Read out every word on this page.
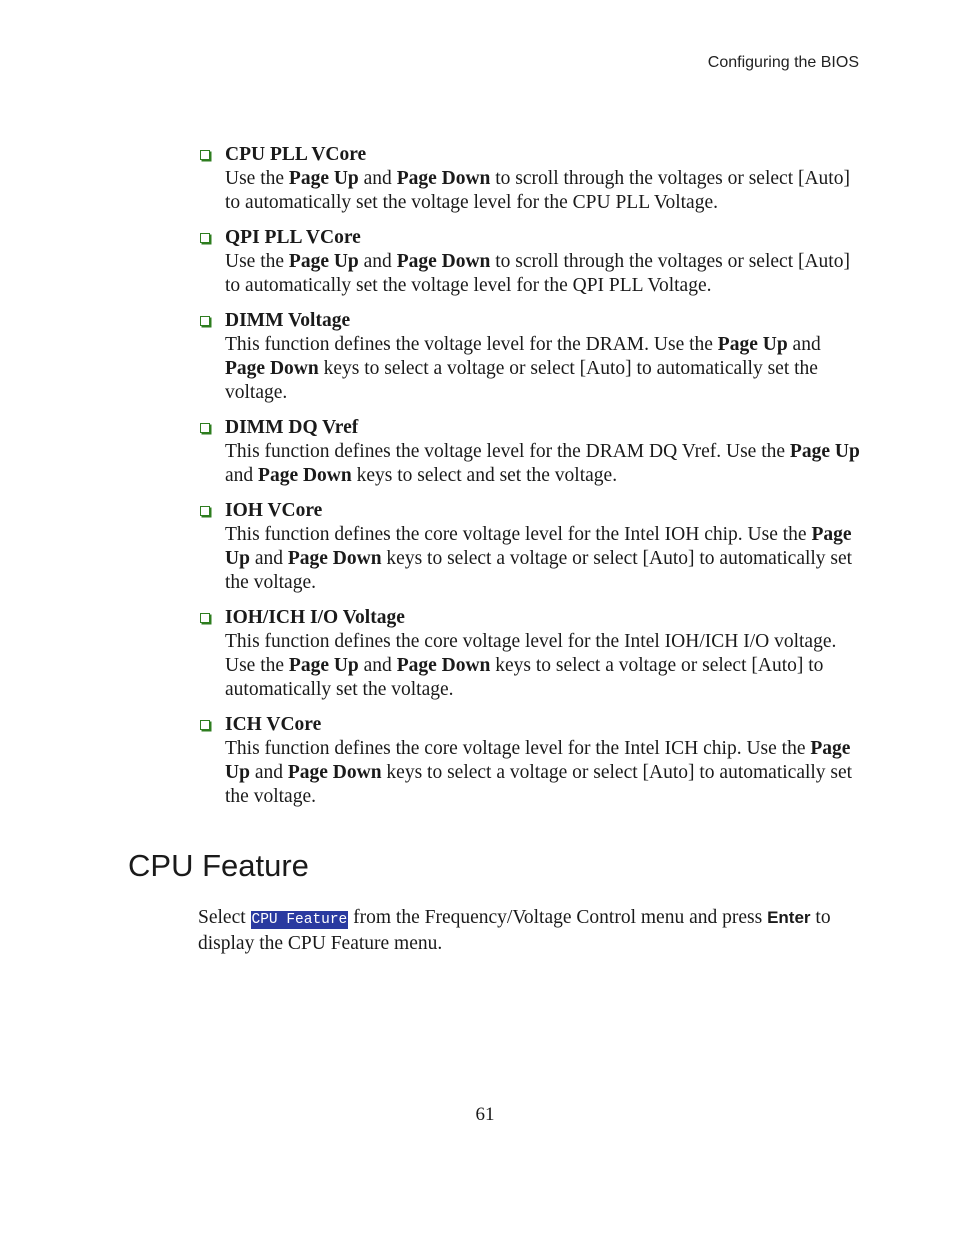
Configuring the BIOS
CPU PLL VCore
Use the Page Up and Page Down to scroll through the voltages or select [Auto] to automatically set the voltage level for the CPU PLL Voltage.
QPI PLL VCore
Use the Page Up and Page Down to scroll through the voltages or select [Auto] to automatically set the voltage level for the QPI PLL Voltage.
DIMM Voltage
This function defines the voltage level for the DRAM. Use the Page Up and Page Down keys to select a voltage or select [Auto] to automatically set the voltage.
DIMM DQ Vref
This function defines the voltage level for the DRAM DQ Vref. Use the Page Up and Page Down keys to select and set the voltage.
IOH VCore
This function defines the core voltage level for the Intel IOH chip. Use the Page Up and Page Down keys to select a voltage or select [Auto] to automatically set the voltage.
IOH/ICH I/O Voltage
This function defines the core voltage level for the Intel IOH/ICH I/O voltage. Use the Page Up and Page Down keys to select a voltage or select [Auto] to automatically set the voltage.
ICH VCore
This function defines the core voltage level for the Intel ICH chip. Use the Page Up and Page Down keys to select a voltage or select [Auto] to automatically set the voltage.
CPU Feature
Select CPU Feature from the Frequency/Voltage Control menu and press Enter to display the CPU Feature menu.
61
